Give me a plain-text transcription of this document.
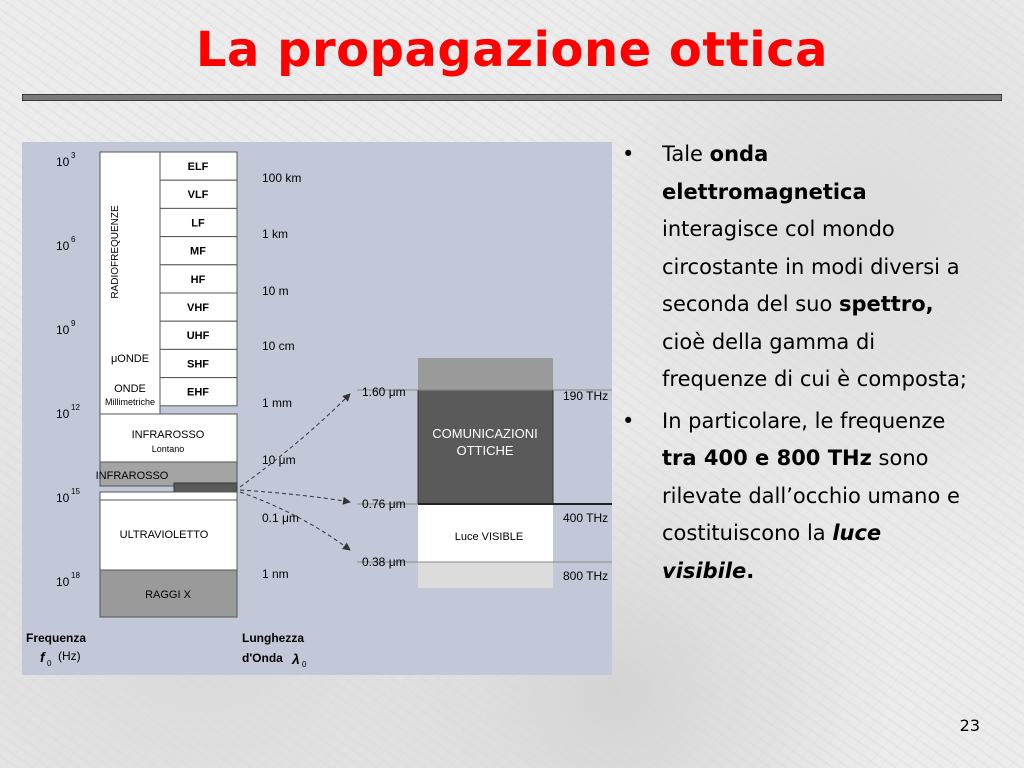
La propagazione ottica
10 3
10 6
10 9
10 12
10 15
10 18
RADIOFREQUENZE
μONDE
ONDE
Millimetriche
ELF
VLF
LF
MF
HF
VHF
UHF
SHF
EHF
INFRAROSSO
Lontano
INFRAROSSO
ULTRAVIOLETTO
RAGGI X
100 km
1 km
10 m
10 cm
1 mm
10 μm
0.1 μm
1 nm
Frequenza
f 0
(Hz)
Lunghezza
d'Onda λ 0
COMUNICAZIONI
OTTICHE
Luce VISIBLE
1.60 μm
0.76 μm
0.38 μm
190 THz
400 THz
800 THz
• Tale onda elettromagnetica interagisce col mondo circostante in modi diversi a seconda del suo spettro, cioè della gamma di frequenze di cui è composta;
• In particolare, le frequenze tra 400 e 800 THz sono rilevate dall’occhio umano e costituiscono la luce visibile.
23
